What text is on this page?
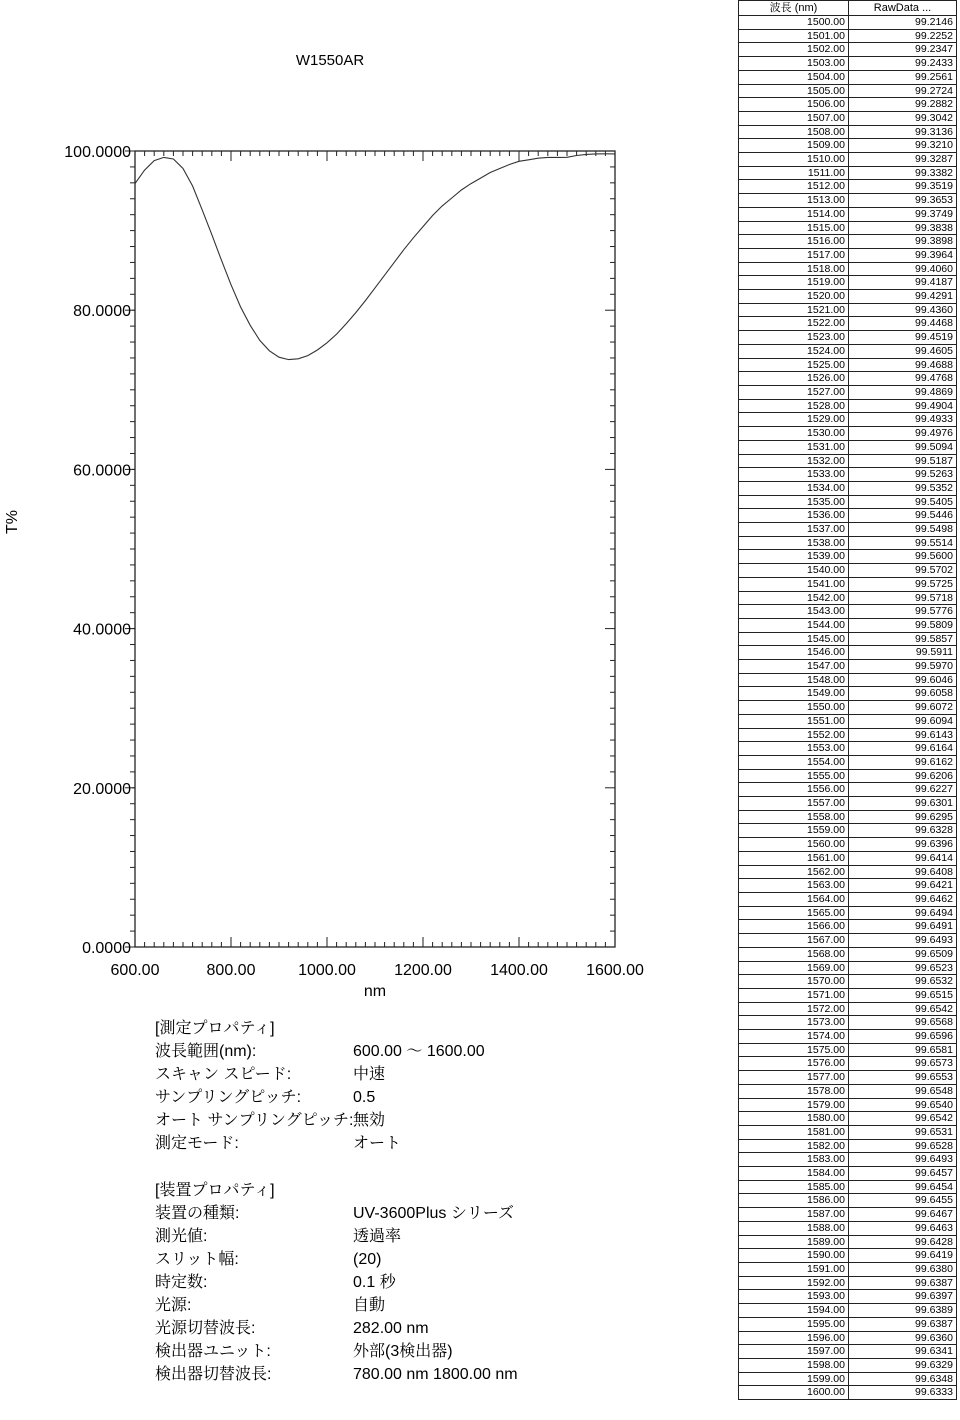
W1550AR
T%
100.0000
80.0000
60.0000
40.0000
20.0000
0.0000
600.00	800.00	1000.00 1200.00 1400.00 1600.00
nm
[測定プロパティ]
波長範囲(nm):	600.00 ～ 1600.00
スキャン スピード:	中速
サンプリングピッチ:	0.5
オート サンプリングピッチ: 無効
測定モード:	オート
[装置プロパティ]
装置の種類:	UV-3600Plus シリーズ
測光値:	透過率
スリット幅:	(20)
時定数:	0.1 秒
光源:	自動
光源切替波長:	282.00 nm
検出器ユニット:	外部(3検出器)
検出器切替波長:	780.00 nm 1800.00 nm
波長 (nm)	RawData ...
1500.00	99.2146
1501.00	99.2252
1502.00	99.2347
1503.00	99.2433
1504.00	99.2561
1505.00	99.2724
1506.00	99.2882
1507.00	99.3042
1508.00	99.3136
1509.00	99.3210
1510.00	99.3287
1511.00	99.3382
1512.00	99.3519
1513.00	99.3653
1514.00	99.3749
1515.00	99.3838
1516.00	99.3898
1517.00	99.3964
1518.00	99.4060
1519.00	99.4187
1520.00	99.4291
1521.00	99.4360
1522.00	99.4468
1523.00	99.4519
1524.00	99.4605
1525.00	99.4688
1526.00	99.4768
1527.00	99.4869
1528.00	99.4904
1529.00	99.4933
1530.00	99.4976
1531.00	99.5094
1532.00	99.5187
1533.00	99.5263
1534.00	99.5352
1535.00	99.5405
1536.00	99.5446
1537.00	99.5498
1538.00	99.5514
1539.00	99.5600
1540.00	99.5702
1541.00	99.5725
1542.00	99.5718
1543.00	99.5776
1544.00	99.5809
1545.00	99.5857
1546.00	99.5911
1547.00	99.5970
1548.00	99.6046
1549.00	99.6058
1550.00	99.6072
1551.00	99.6094
1552.00	99.6143
1553.00	99.6164
1554.00	99.6162
1555.00	99.6206
1556.00	99.6227
1557.00	99.6301
1558.00	99.6295
1559.00	99.6328
1560.00	99.6396
1561.00	99.6414
1562.00	99.6408
1563.00	99.6421
1564.00	99.6462
1565.00	99.6494
1566.00	99.6491
1567.00	99.6493
1568.00	99.6509
1569.00	99.6523
1570.00	99.6532
1571.00	99.6515
1572.00	99.6542
1573.00	99.6568
1574.00	99.6596
1575.00	99.6581
1576.00	99.6573
1577.00	99.6553
1578.00	99.6548
1579.00	99.6540
1580.00	99.6542
1581.00	99.6531
1582.00	99.6528
1583.00	99.6493
1584.00	99.6457
1585.00	99.6454
1586.00	99.6455
1587.00	99.6467
1588.00	99.6463
1589.00	99.6428
1590.00	99.6419
1591.00	99.6380
1592.00	99.6387
1593.00	99.6397
1594.00	99.6389
1595.00	99.6387
1596.00	99.6360
1597.00	99.6341
1598.00	99.6329
1599.00	99.6348
1600.00	99.6333
